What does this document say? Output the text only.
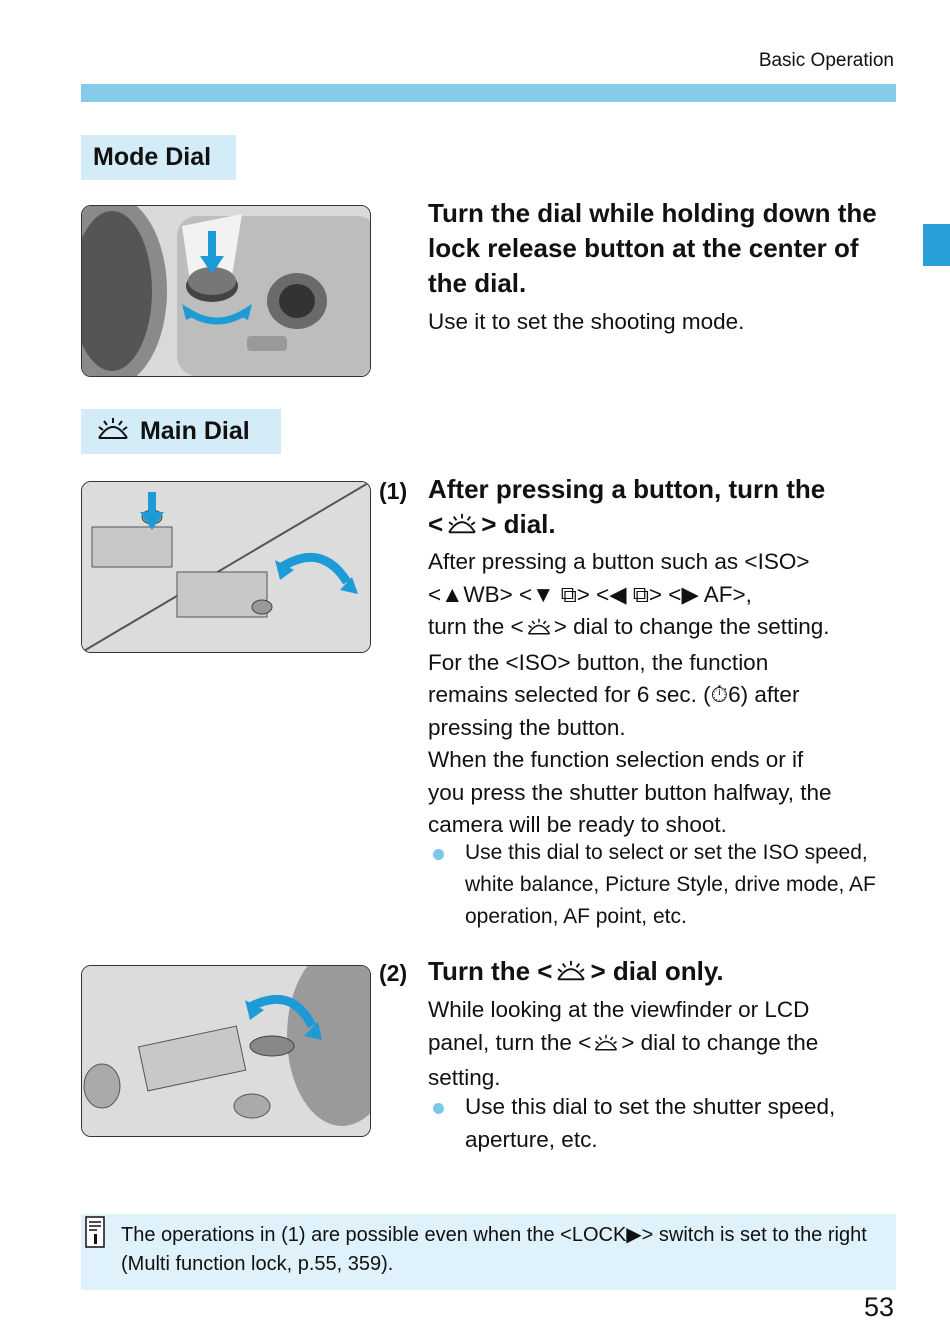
Basic Operation
Mode Dial
Turn the dial while holding down the lock release button at the center of the dial.
Use it to set the shooting mode.
Main Dial
(1) After pressing a button, turn the
< > dial.
After pressing a button such as <ISO>
<▲WB> <▼ ⧉> <◀ ⧉> <▶ AF>,
turn the < > dial to change the setting.
For the <ISO> button, the function
remains selected for 6 sec. (⏱6) after
pressing the button.
When the function selection ends or if
you press the shutter button halfway, the
camera will be ready to shoot.
Use this dial to select or set the ISO speed, white balance, Picture Style, drive mode, AF operation, AF point, etc.
(2) Turn the < > dial only.
While looking at the viewfinder or LCD
panel, turn the < > dial to change the
setting.
Use this dial to set the shutter speed, aperture, etc.
The operations in (1) are possible even when the <LOCK▶> switch is set to the right (Multi function lock, p.55, 359).
53
